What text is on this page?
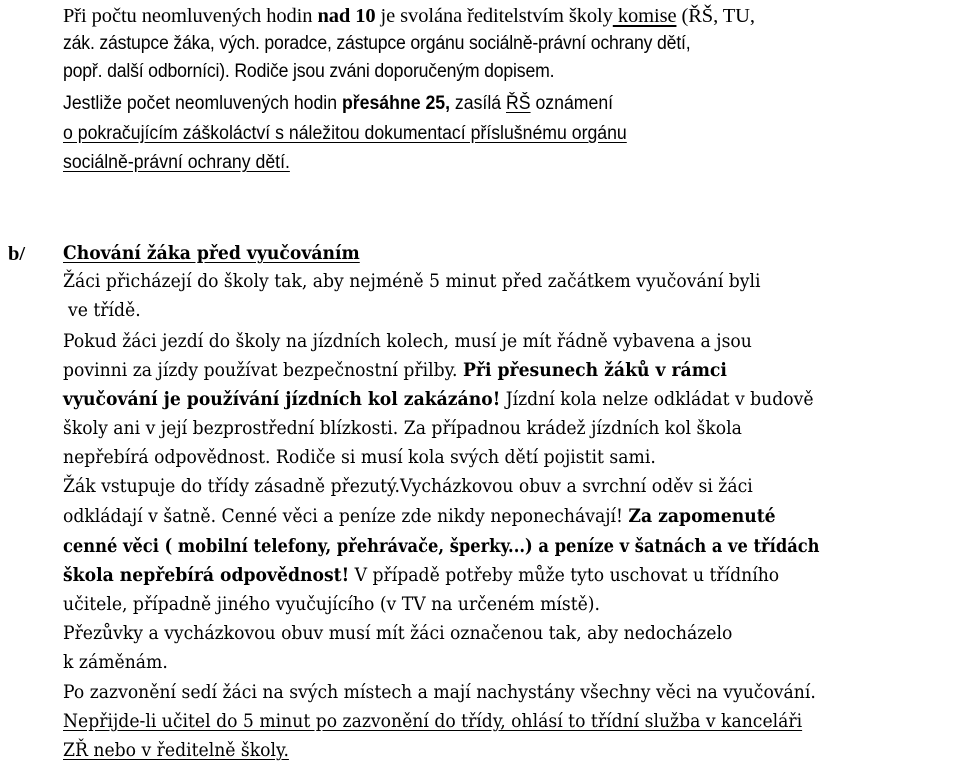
Při počtu neomluvených hodin nad 10 je svolána ředitelstvím školy komise (ŘŠ, TU,
zák. zástupce žáka, vých. poradce, zástupce orgánu sociálně-právní ochrany dětí,
popř. další odborníci). Rodiče jsou zváni doporučeným dopisem.
Jestliže počet neomluvených hodin přesáhne 25, zasílá ŘŠ oznámení
o pokračujícím záškoláctví s náležitou dokumentací příslušnému orgánu
sociálně-právní ochrany dětí.
b/ Chování žáka před vyučováním
Žáci přicházejí do školy tak, aby nejméně 5 minut před začátkem vyučování byli
ve třídě.
Pokud žáci jezdí do školy na jízdních kolech, musí je mít řádně vybavena a jsou
povinni za jízdy používat bezpečnostní přilby. Při přesunech žáků v rámci
vyučování je používání jízdních kol zakázáno! Jízdní kola nelze odkládat v budově
školy ani v její bezprostřední blízkosti. Za případnou krádež jízdních kol škola
nepřebírá odpovědnost. Rodiče si musí kola svých dětí pojistit sami.
Žák vstupuje do třídy zásadně přezutý.Vycházkovou obuv a svrchní oděv si žáci
odkládají v šatně. Cenné věci a peníze zde nikdy neponechávají! Za zapomenuté
cenné věci ( mobilní telefony, přehrávače, šperky...) a peníze v šatnách a ve třídách
škola nepřebírá odpovědnost! V případě potřeby může tyto uschovat u třídního
učitele, případně jiného vyučujícího (v TV na určeném místě).
Přezůvky a vycházkovou obuv musí mít žáci označenou tak, aby nedocházelo
k záměnám.
Po zazvonění sedí žáci na svých místech a mají nachystány všechny věci na vyučování.
Nepřijde-li učitel do 5 minut po zazvonění do třídy, ohlásí to třídní služba v kanceláři
ZŘ nebo v ředitelně školy.
